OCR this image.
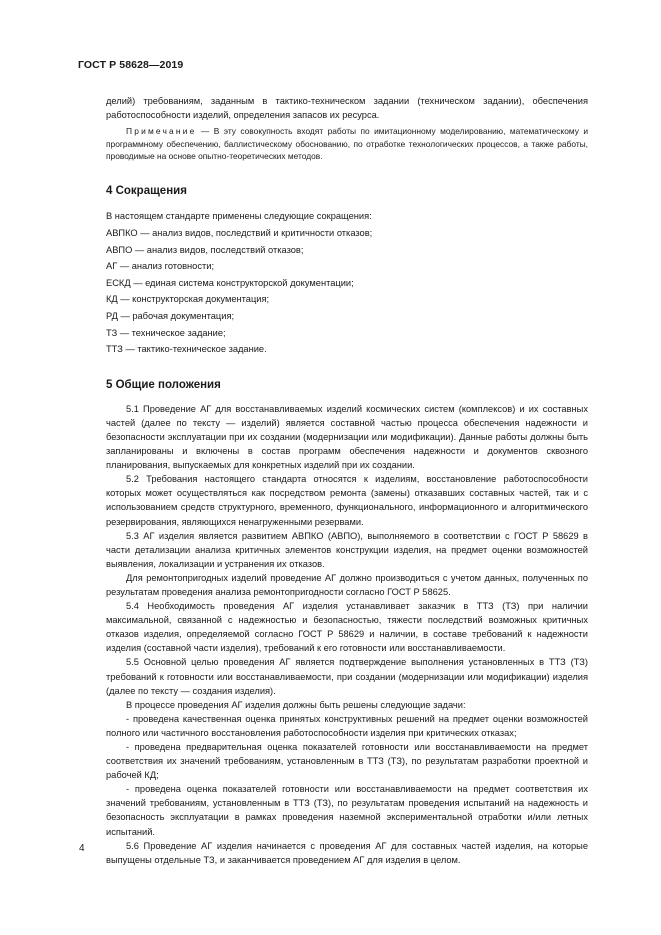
ГОСТ Р 58628—2019

делий) требованиям, заданным в тактико-техническом задании (техническом задании), обеспечения работоспособности изделий, определения запасов их ресурса.

Примечание — В эту совокупность входят работы по имитационному моделированию, математическому и программному обеспечению, баллистическому обоснованию, по отработке технологических процессов, а также работы, проводимые на основе опытно-теоретических методов.

4 Сокращения

В настоящем стандарте применены следующие сокращения:

АВПКО — анализ видов, последствий и критичности отказов;
АВПО — анализ видов, последствий отказов;
АГ — анализ готовности;
ЕСКД — единая система конструкторской документации;
КД — конструкторская документация;
РД — рабочая документация;
ТЗ — техническое задание;
ТТЗ — тактико-техническое задание.
5 Общие положения

5.1 Проведение АГ для восстанавливаемых изделий космических систем (комплексов) и их составных частей (далее по тексту — изделий) является составной частью процесса обеспечения надежности и безопасности эксплуатации при их создании (модернизации или модификации). Данные работы должны быть запланированы и включены в состав программ обеспечения надежности и документов сквозного планирования, выпускаемых для конкретных изделий при их создании.

5.2 Требования настоящего стандарта относятся к изделиям, восстановление работоспособности которых может осуществляться как посредством ремонта (замены) отказавших составных частей, так и с использованием средств структурного, временного, функционального, информационного и алгоритмического резервирования, являющихся ненагруженными резервами.

5.3 АГ изделия является развитием АВПКО (АВПО), выполняемого в соответствии с ГОСТ Р 58629 в части детализации анализа критичных элементов конструкции изделия, на предмет оценки возможностей выявления, локализации и устранения их отказов.

Для ремонтопригодных изделий проведение АГ должно производиться с учетом данных, полученных по результатам проведения анализа ремонтопригодности согласно ГОСТ Р 58625.

5.4 Необходимость проведения АГ изделия устанавливает заказчик в ТТЗ (ТЗ) при наличии максимальной, связанной с надежностью и безопасностью, тяжести последствий возможных критичных отказов изделия, определяемой согласно ГОСТ Р 58629 и наличии, в составе требований к надежности изделия (составной части изделия), требований к его готовности или восстанавливаемости.

5.5 Основной целью проведения АГ является подтверждение выполнения установленных в ТТЗ (ТЗ) требований к готовности или восстанавливаемости, при создании (модернизации или модификации) изделия (далее по тексту — создания изделия).

В процессе проведения АГ изделия должны быть решены следующие задачи:

- проведена качественная оценка принятых конструктивных решений на предмет оценки возможностей полного или частичного восстановления работоспособности изделия при критических отказах;

- проведена предварительная оценка показателей готовности или восстанавливаемости на предмет соответствия их значений требованиям, установленным в ТТЗ (ТЗ), по результатам разработки проектной и рабочей КД;

- проведена оценка показателей готовности или восстанавливаемости на предмет соответствия их значений требованиям, установленным в ТТЗ (ТЗ), по результатам проведения испытаний на надежность и безопасность эксплуатации в рамках проведения наземной экспериментальной отработки и/или летных испытаний.

5.6 Проведение АГ изделия начинается с проведения АГ для составных частей изделия, на которые выпущены отдельные ТЗ, и заканчивается проведением АГ для изделия в целом.

4
